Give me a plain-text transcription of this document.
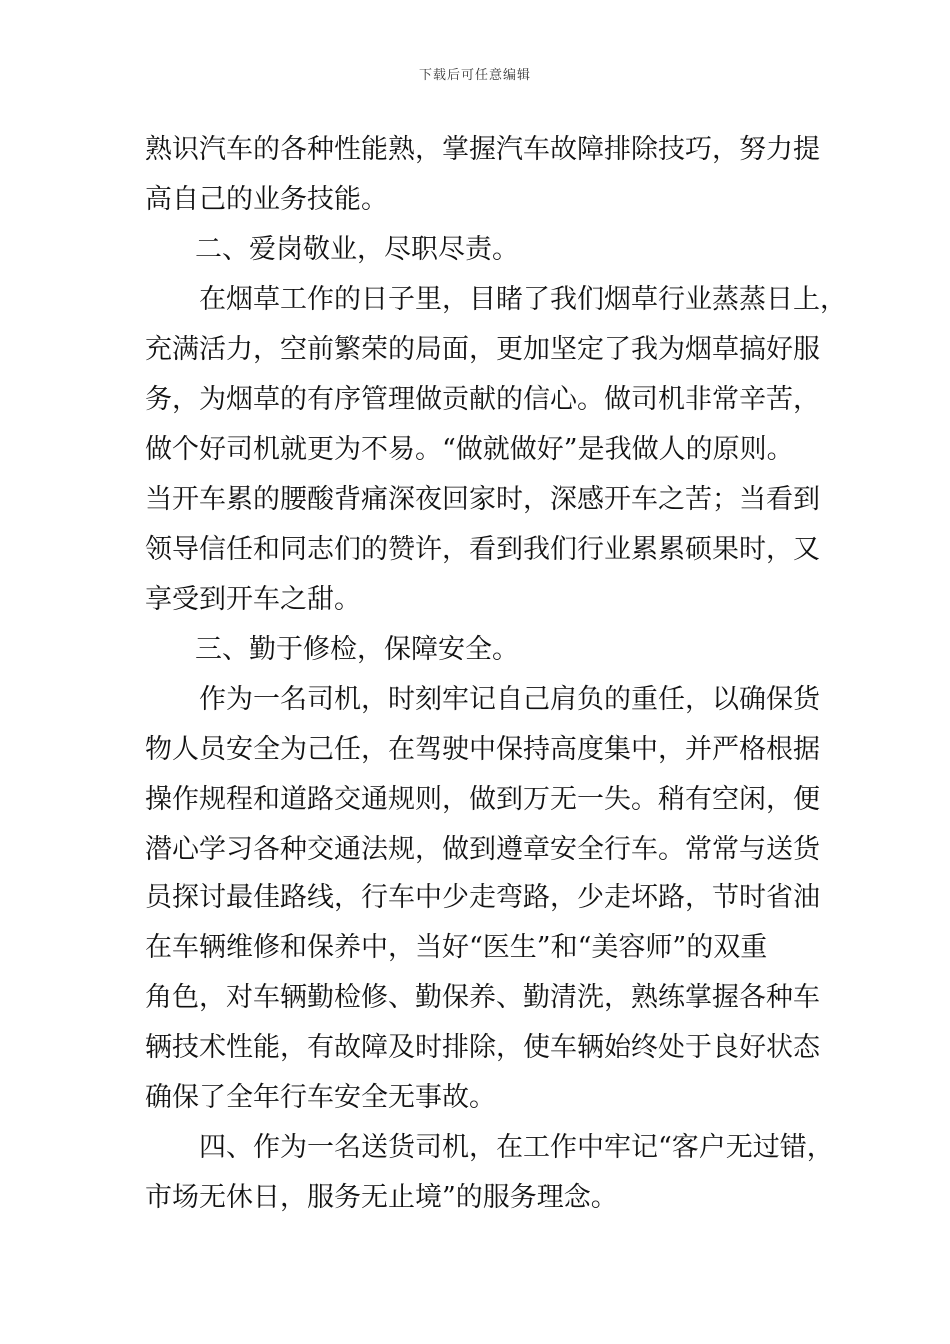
下载后可任意编辑
熟识汽车的各种性能熟，掌握汽车故障排除技巧，努力提
高自己的业务技能。
二、爱岗敬业，尽职尽责。
在烟草工作的日子里，目睹了我们烟草行业蒸蒸日上，
充满活力，空前繁荣的局面，更加坚定了我为烟草搞好服
务，为烟草的有序管理做贡献的信心。做司机非常辛苦，
做个好司机就更为不易。“做就做好”是我做人的原则。
当开车累的腰酸背痛深夜回家时，深感开车之苦；当看到
领导信任和同志们的赞许，看到我们行业累累硕果时，又
享受到开车之甜。
三、勤于修检，保障安全。
作为一名司机，时刻牢记自己肩负的重任，以确保货
物人员安全为己任，在驾驶中保持高度集中，并严格根据
操作规程和道路交通规则，做到万无一失。稍有空闲，便
潜心学习各种交通法规，做到遵章安全行车。常常与送货
员探讨最佳路线，行车中少走弯路，少走坏路，节时省油
在车辆维修和保养中，当好“医生”和“美容师”的双重
角色，对车辆勤检修、勤保养、勤清洗，熟练掌握各种车
辆技术性能，有故障及时排除，使车辆始终处于良好状态
确保了全年行车安全无事故。
四、作为一名送货司机，在工作中牢记“客户无过错，
市场无休日，服务无止境”的服务理念。
